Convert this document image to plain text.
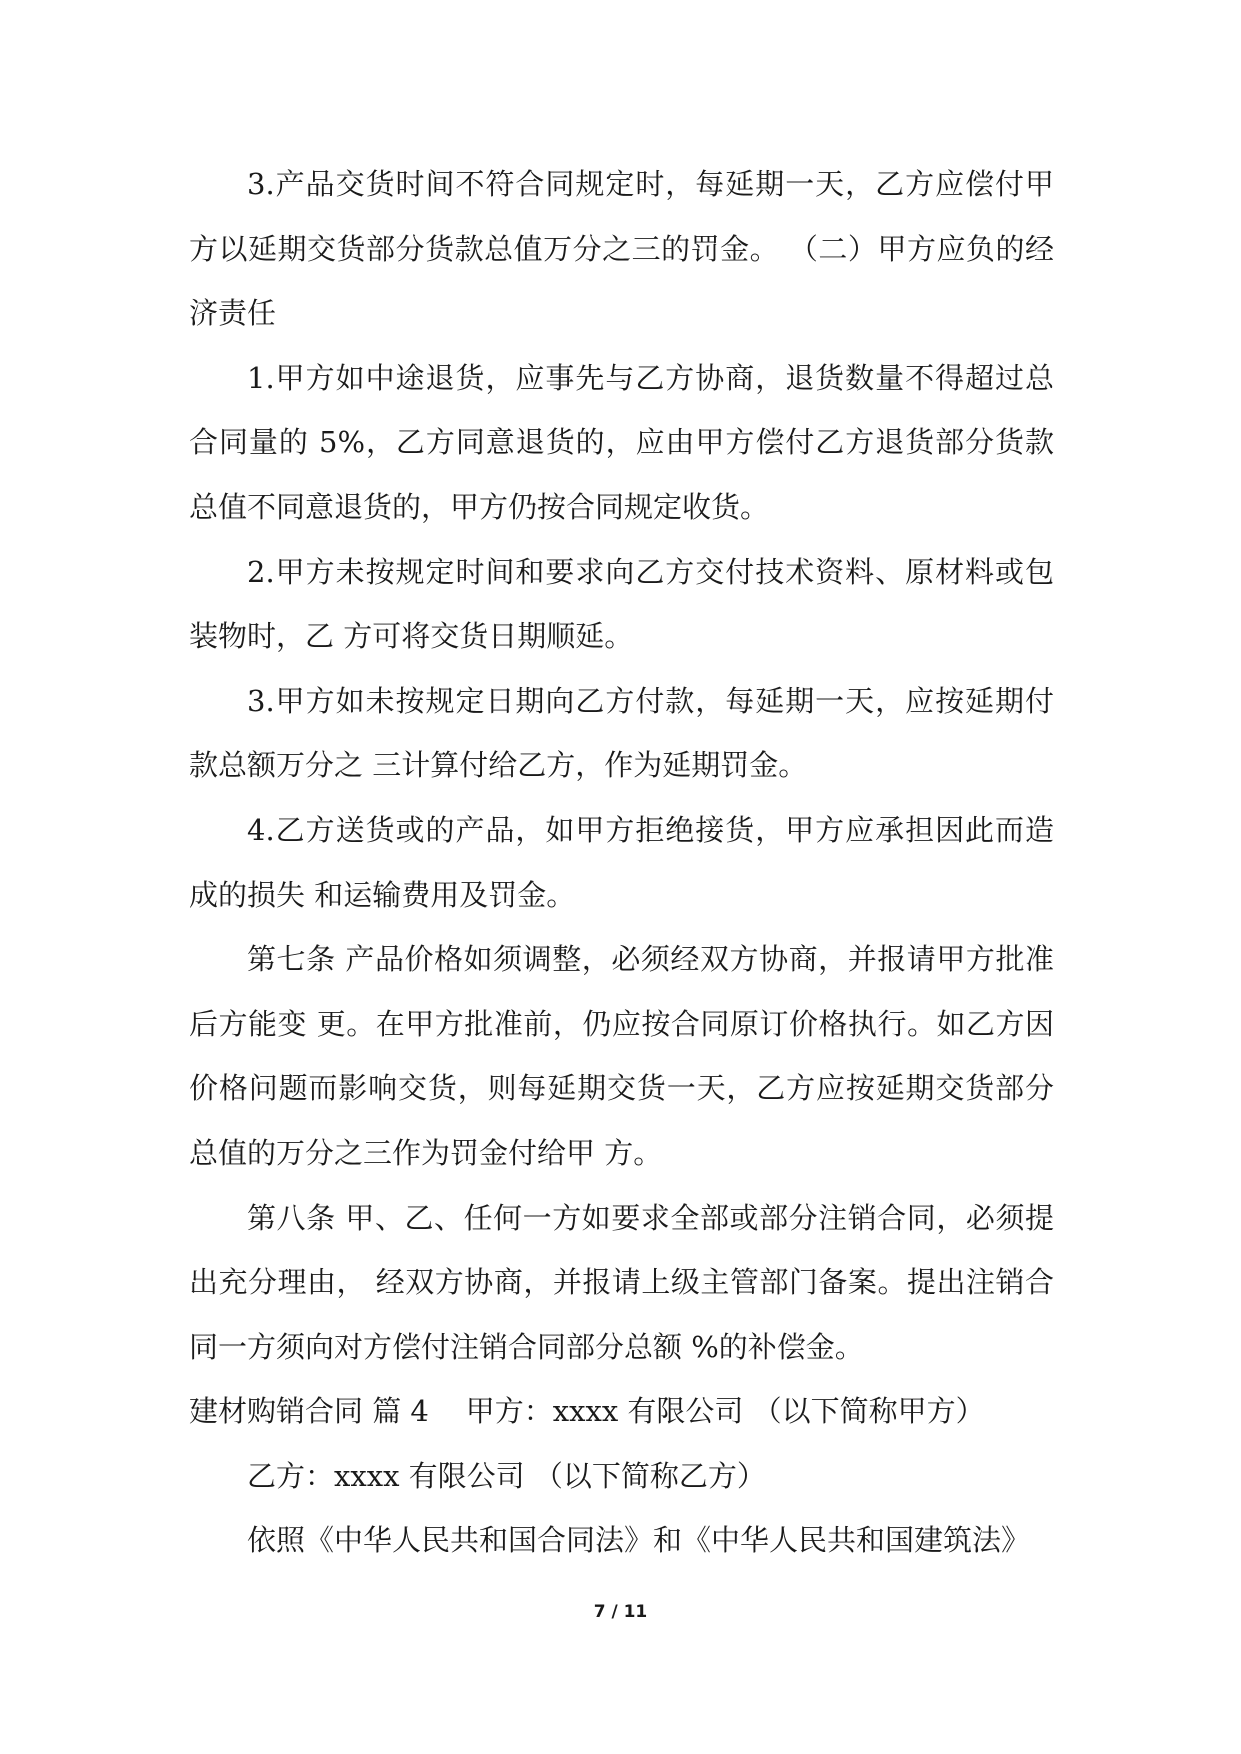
3.产品交货时间不符合同规定时，每延期一天，乙方应偿付甲方以延期交货部分货款总值万分之三的罚金。 （二）甲方应负的经济责任

1.甲方如中途退货，应事先与乙方协商，退货数量不得超过总合同量的 5%，乙方同意退货的，应由甲方偿付乙方退货部分货款总值不同意退货的，甲方仍按合同规定收货。

2.甲方未按规定时间和要求向乙方交付技术资料、原材料或包装物时，乙 方可将交货日期顺延。

3.甲方如未按规定日期向乙方付款，每延期一天，应按延期付款总额万分之 三计算付给乙方，作为延期罚金。

4.乙方送货或的产品，如甲方拒绝接货，甲方应承担因此而造成的损失 和运输费用及罚金。

第七条 产品价格如须调整，必须经双方协商，并报请甲方批准后方能变 更。在甲方批准前，仍应按合同原订价格执行。如乙方因价格问题而影响交货，则每延期交货一天，乙方应按延期交货部分总值的万分之三作为罚金付给甲 方。

第八条 甲、乙、任何一方如要求全部或部分注销合同，必须提出充分理由， 经双方协商，并报请上级主管部门备案。提出注销合同一方须向对方偿付注销合同部分总额 %的补偿金。

建材购销合同 篇 4    甲方：xxxx 有限公司 （以下简称甲方）

乙方：xxxx 有限公司 （以下简称乙方）

依照《中华人民共和国合同法》和《中华人民共和国建筑法》

7 / 11
